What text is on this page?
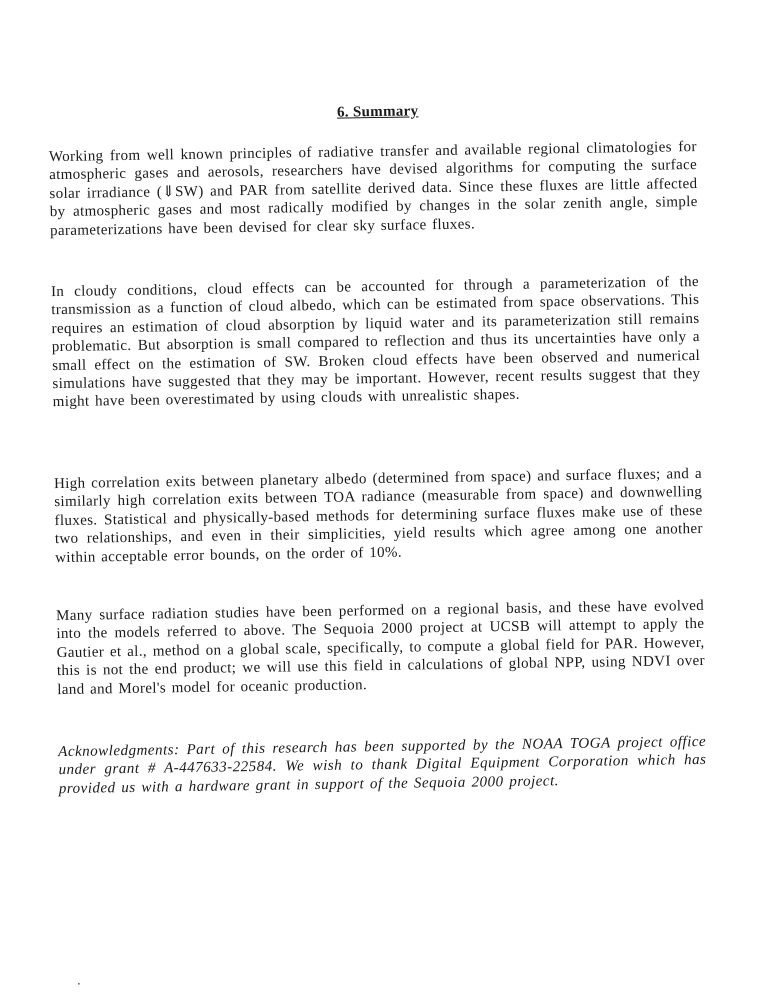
6. Summary

Working from well known principles of radiative transfer and available regional climatologies for atmospheric gases and aerosols, researchers have devised algorithms for computing the surface solar irradiance (⇓SW) and PAR from satellite derived data. Since these fluxes are little affected by atmospheric gases and most radically modified by changes in the solar zenith angle, simple parameterizations have been devised for clear sky surface fluxes.

In cloudy conditions, cloud effects can be accounted for through a parameterization of the transmission as a function of cloud albedo, which can be estimated from space observations. This requires an estimation of cloud absorption by liquid water and its parameterization still remains problematic. But absorption is small compared to reflection and thus its uncertainties have only a small effect on the estimation of SW. Broken cloud effects have been observed and numerical simulations have suggested that they may be important. However, recent results suggest that they might have been overestimated by using clouds with unrealistic shapes.

High correlation exits between planetary albedo (determined from space) and surface fluxes; and a similarly high correlation exits between TOA radiance (measurable from space) and downwelling fluxes. Statistical and physically-based methods for determining surface fluxes make use of these two relationships, and even in their simplicities, yield results which agree among one another within acceptable error bounds, on the order of 10%.

Many surface radiation studies have been performed on a regional basis, and these have evolved into the models referred to above. The Sequoia 2000 project at UCSB will attempt to apply the Gautier et al., method on a global scale, specifically, to compute a global field for PAR. However, this is not the end product; we will use this field in calculations of global NPP, using NDVI over land and Morel's model for oceanic production.

Acknowledgments: Part of this research has been supported by the NOAA TOGA project office under grant # A-447633-22584. We wish to thank Digital Equipment Corporation which has provided us with a hardware grant in support of the Sequoia 2000 project.
